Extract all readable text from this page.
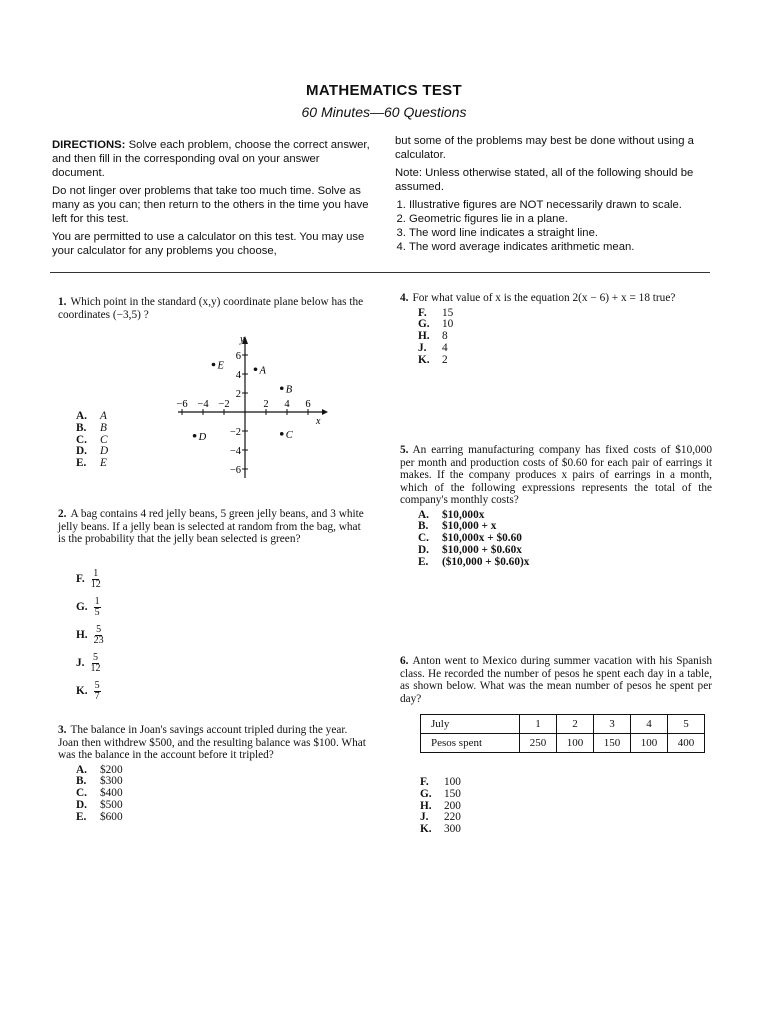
MATHEMATICS TEST
60 Minutes—60 Questions

DIRECTIONS: Solve each problem, choose the correct answer, and then fill in the corresponding oval on your answer document.

Do not linger over problems that take too much time. Solve as many as you can; then return to the others in the time you have left for this test.

You are permitted to use a calculator on this test. You may use your calculator for any problems you choose,

but some of the problems may best be done without using a calculator.

Note: Unless otherwise stated, all of the following should be assumed.

1. Illustrative figures are NOT necessarily drawn to scale.
2. Geometric figures lie in a plane.
3. The word line indicates a straight line.
4. The word average indicates arithmetic mean.

1. Which point in the standard (x,y) coordinate plane below has the coordinates (−3,5) ?

A. A
B. B
C. C
D. D
E. E
−6 −4 −2	2 4 6
6
4
2
−2
−4
−6
A
B
C
D
E
y
x

2. A bag contains 4 red jelly beans, 5 green jelly beans, and 3 white jelly beans. If a jelly bean is selected at random from the bag, what is the probability that the jelly bean selected is green?

F. $\frac{1}{12}$
G. $\frac{1}{5}$
H. $\frac{5}{23}$
J. $\frac{5}{12}$
K. $\frac{5}{7}$

3. The balance in Joan's savings account tripled during the year. Joan then withdrew $500, and the resulting balance was $100. What was the balance in the account before it tripled?

A. $200
B. $300
C. $400
D. $500
E. $600

4. For what value of x is the equation 2(x − 6) + x = 18 true?

F. 15
G. 10
H. 8
J. 4
K. 2

5. An earring manufacturing company has fixed costs of $10,000 per month and production costs of $0.60 for each pair of earrings it makes. If the company produces x pairs of earrings in a month, which of the following expressions represents the total of the company's monthly costs?

A. $10,000x
B. $10,000 + x
C. $10,000x + $0.60
D. $10,000 + $0.60x
E. ($10,000 + $0.60)x

6. Anton went to Mexico during summer vacation with his Spanish class. He recorded the number of pesos he spent each day in a table, as shown below. What was the mean number of pesos he spent per day?

July	1	2	3	4	5
Pesos spent	250	100	150	100	400
F. 100
G. 150
H. 200
J. 220
K. 300
